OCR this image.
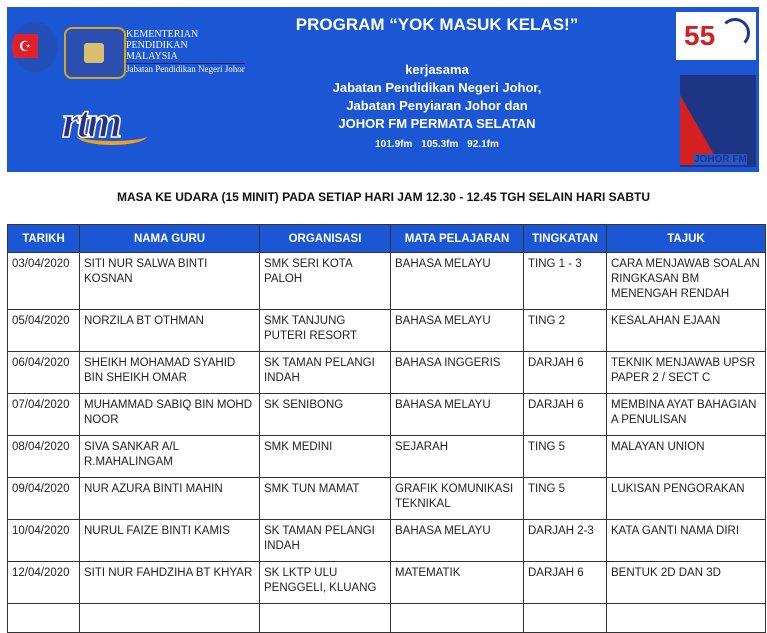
☪
KEMENTERIAN
PENDIDIKAN
MALAYSIA
Jabatan Pendidikan Negeri Johor
rtm
PROGRAM “YOK MASUK KELAS!”
kerjasama
Jabatan Pendidikan Negeri Johor,
Jabatan Penyiaran Johor dan
JOHOR FM PERMATA SELATAN
101.9fm 105.3fm 92.1fm
55
JOHOR FM
MASA KE UDARA (15 MINIT) PADA SETIAP HARI JAM 12.30 - 12.45 TGH SELAIN HARI SABTU
TARIKH	NAMA GURU	ORGANISASI	MATA PELAJARAN	TINGKATAN	TAJUK
03/04/2020	SITI NUR SALWA BINTI KOSNAN	SMK SERI KOTA PALOH	BAHASA MELAYU	TING 1 - 3	CARA MENJAWAB SOALAN RINGKASAN BM MENENGAH RENDAH
05/04/2020	NORZILA BT OTHMAN	SMK TANJUNG PUTERI RESORT	BAHASA MELAYU	TING 2	KESALAHAN EJAAN
06/04/2020	SHEIKH MOHAMAD SYAHID BIN SHEIKH OMAR	SK TAMAN PELANGI INDAH	BAHASA INGGERIS	DARJAH 6	TEKNIK MENJAWAB UPSR PAPER 2 / SECT C
07/04/2020	MUHAMMAD SABIQ BIN MOHD NOOR	SK SENIBONG	BAHASA MELAYU	DARJAH 6	MEMBINA AYAT BAHAGIAN A PENULISAN
08/04/2020	SIVA SANKAR A/L R.MAHALINGAM	SMK MEDINI	SEJARAH	TING 5	MALAYAN UNION
09/04/2020	NUR AZURA BINTI MAHIN	SMK TUN MAMAT	GRAFIK KOMUNIKASI TEKNIKAL	TING 5	LUKISAN PENGORAKAN
10/04/2020	NURUL FAIZE BINTI KAMIS	SK TAMAN PELANGI INDAH	BAHASA MELAYU	DARJAH 2-3	KATA GANTI NAMA DIRI
12/04/2020	SITI NUR FAHDZIHA BT KHYAR	SK LKTP ULU PENGGELI, KLUANG	MATEMATIK	DARJAH 6	BENTUK 2D DAN 3D
